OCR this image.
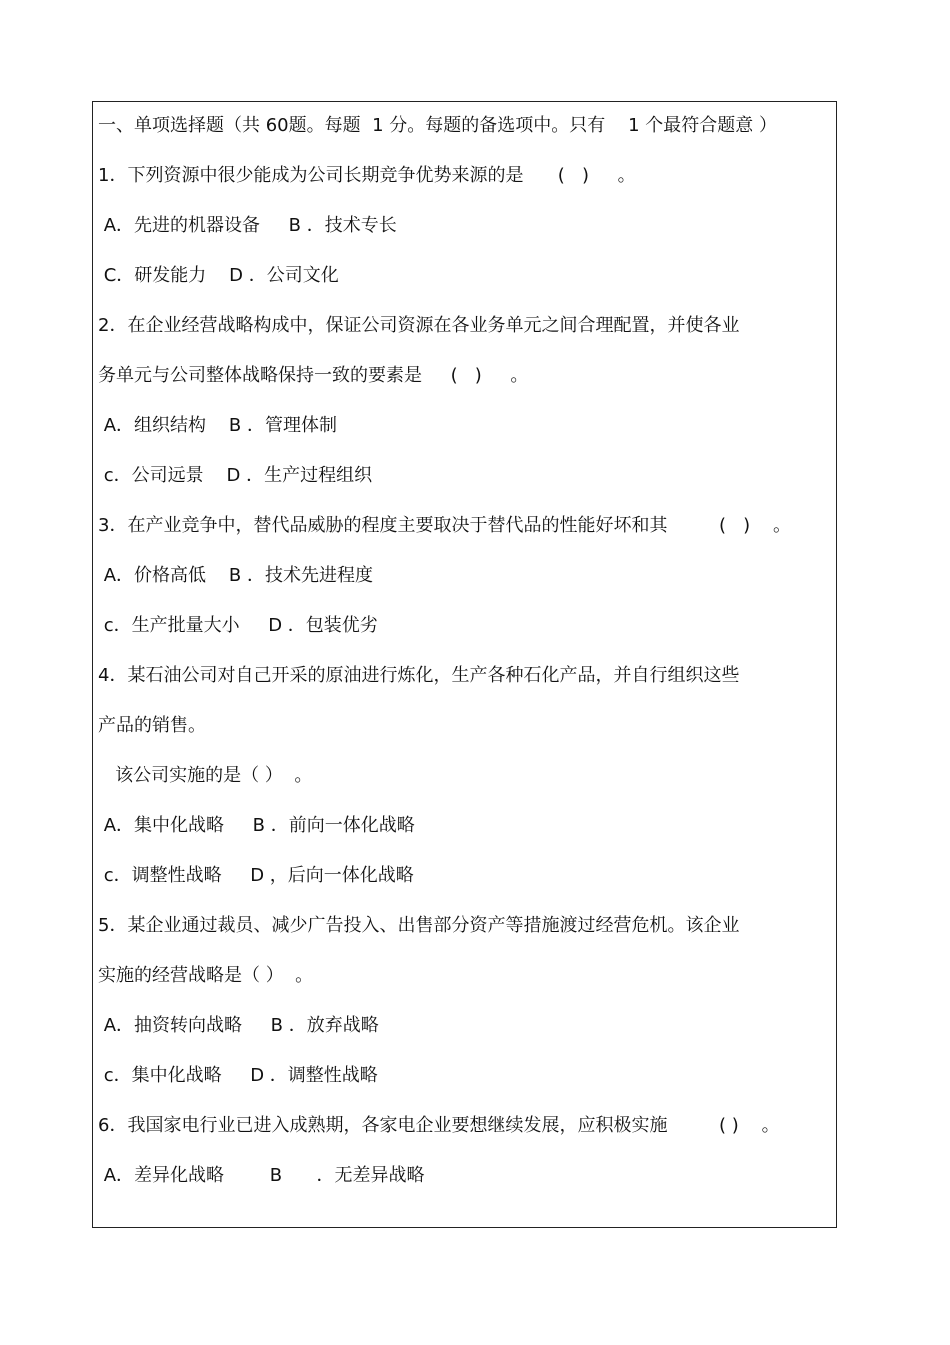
一、单项选择题（共 60题。每题  1 分。每题的备选项中。只有    1 个最符合题意 ）
1．下列资源中很少能成为公司长期竞争优势来源的是      (   )     。
A．先进的机器设备     B ．技术专长
C．研发能力    D ．公司文化
2．在企业经营战略构成中，保证公司资源在各业务单元之间合理配置，并使各业
务单元与公司整体战略保持一致的要素是     (   )     。
A．组织结构    B ．管理体制
c．公司远景    D ．生产过程组织
3．在产业竞争中，替代品威胁的程度主要取决于替代品的性能好坏和其         (   )    。
A．价格高低    B ．技术先进程度
c．生产批量大小     D ．包装优劣
4．某石油公司对自己开采的原油进行炼化，生产各种石化产品，并自行组织这些
产品的销售。
该公司实施的是（ ）  。
A．集中化战略     B ．前向一体化战略
c．调整性战略     D ，后向一体化战略
5．某企业通过裁员、减少广告投入、出售部分资产等措施渡过经营危机。该企业
实施的经营战略是（ ）  。
A．抽资转向战略     B ．放弃战略
c．集中化战略     D ．调整性战略
6．我国家电行业已进入成熟期，各家电企业要想继续发展，应积极实施         ( )    。
A．差异化战略        B      ．无差异战略
